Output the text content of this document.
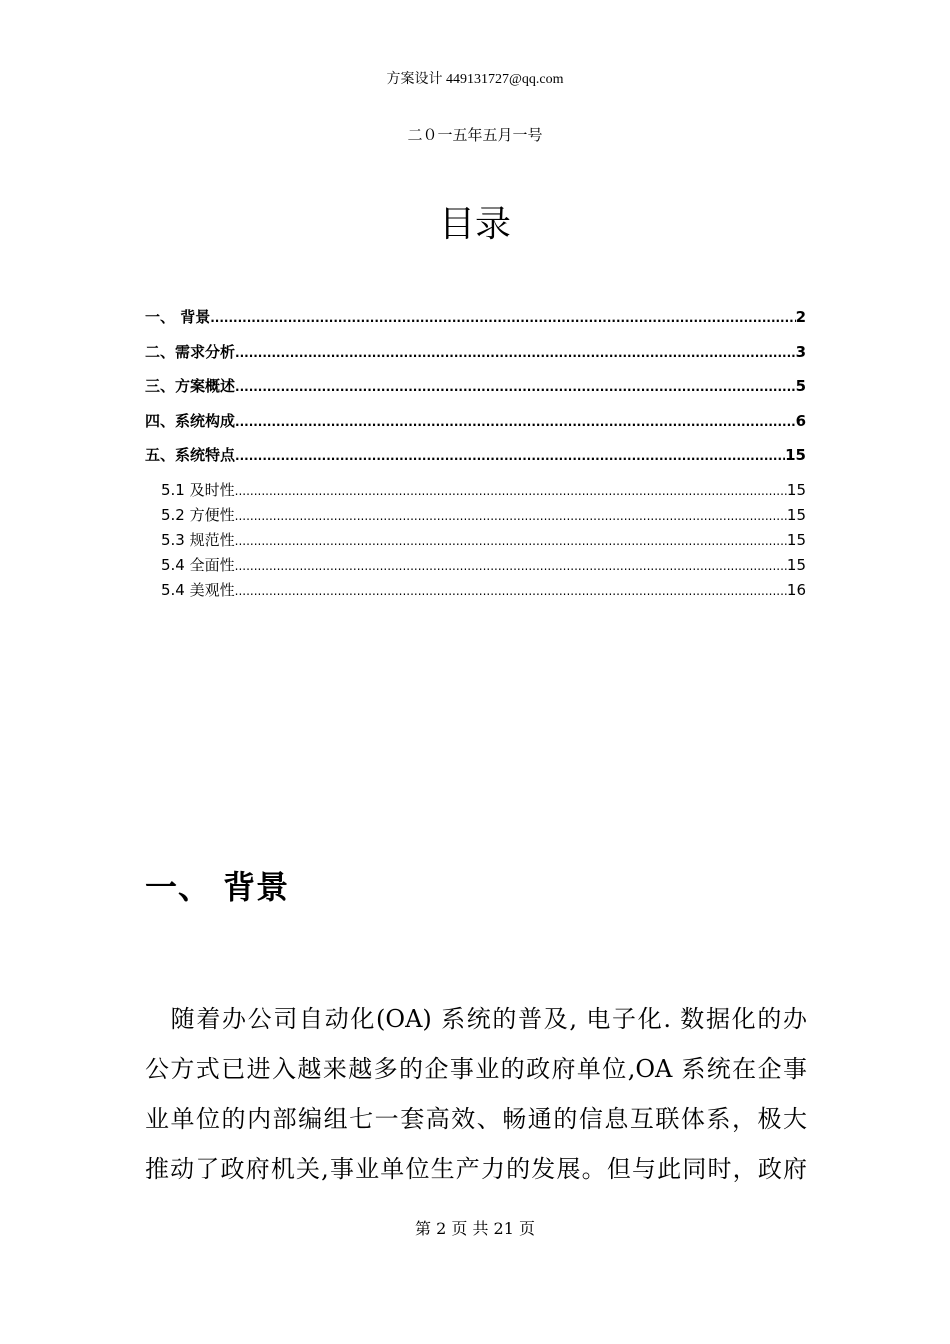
方案设计 449131727@qq.com
二０一五年五月一号
目录
一、 背景 .....	2
二、需求分析 .....	3
三、方案概述 .....	5
四、系统构成 .....	6
五、系统特点 .....	15
5.1 及时性 .....	15
5.2 方便性 .....	15
5.3 规范性 .....	15
5.4 全面性 .....	15
5.4 美观性 .....	16
一、 背景
　随着办公司自动化(OA) 系统的普及, 电子化. 数据化的办
公方式已进入越来越多的企事业的政府单位,OA 系统在企事
业单位的内部编组七一套高效、畅通的信息互联体系，极大
推动了政府机关,事业单位生产力的发展。但与此同时，政府
第 2 页 共 21 页
